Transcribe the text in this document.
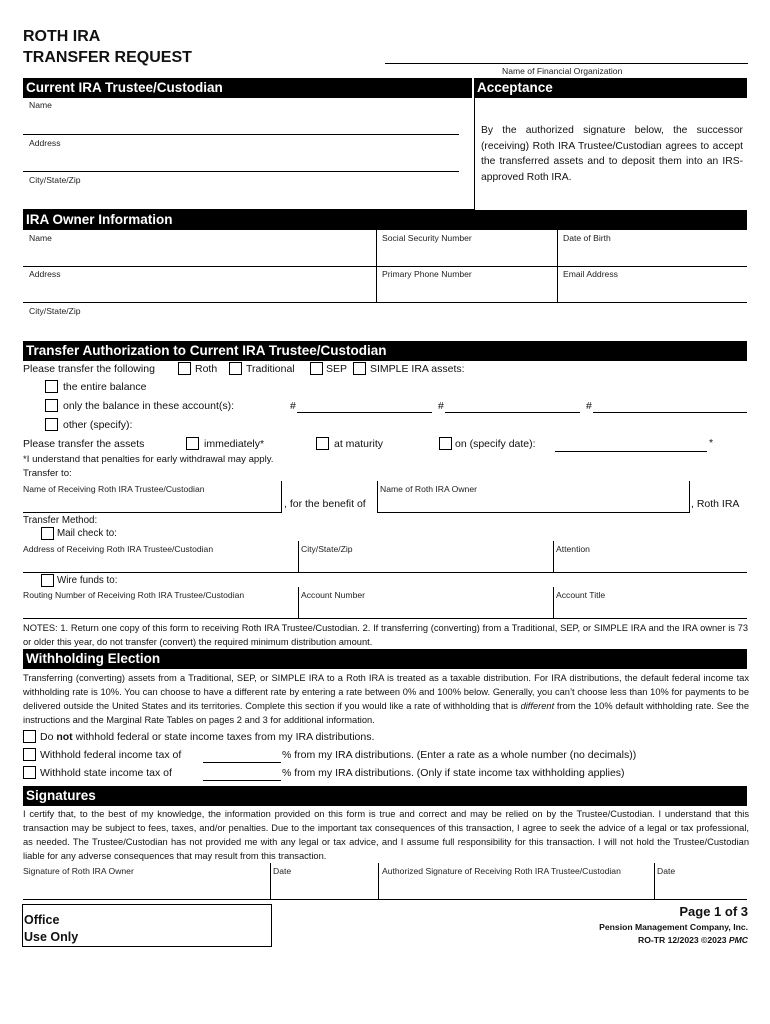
ROTH IRA
TRANSFER REQUEST
Name of Financial Organization
Current IRA Trustee/Custodian	Acceptance
Name
Address
City/State/Zip
By the authorized signature below, the successor (receiving) Roth IRA Trustee/Custodian agrees to accept the transferred assets and to deposit them into an IRS-approved Roth IRA.
IRA Owner Information
Name	Social Security Number	Date of Birth
Address	Primary Phone Number	Email Address
City/State/Zip
Transfer Authorization to Current IRA Trustee/Custodian
Please transfer the following	Roth	Traditional	SEP SIMPLE IRA assets:
the entire balance
only the balance in these account(s):	#	#	#
other (specify):
Please transfer the assets	immediately*	at maturity	on (specify date):	*
*I understand that penalties for early withdrawal may apply.
Transfer to:
Name of Receiving Roth IRA Trustee/Custodian
, for the benefit of
Name of Roth IRA Owner
, Roth IRA
Transfer Method:
Mail check to:
Address of Receiving Roth IRA Trustee/Custodian	City/State/Zip	Attention
Wire funds to:
Routing Number of Receiving Roth IRA Trustee/Custodian	Account Number	Account Title
NOTES: 1. Return one copy of this form to receiving Roth IRA Trustee/Custodian. 2. If transferring (converting) from a Traditional, SEP, or SIMPLE IRA and the IRA owner is 73 or older this year, do not transfer (convert) the required minimum distribution amount.
Withholding Election
Transferring (converting) assets from a Traditional, SEP, or SIMPLE IRA to a Roth IRA is treated as a taxable distribution. For IRA distributions, the default federal income tax withholding rate is 10%. You can choose to have a different rate by entering a rate between 0% and 100% below. Generally, you can’t choose less than 10% for payments to be delivered outside the United States and its territories. Complete this section if you would like a rate of withholding that is different from the 10% default withholding rate. See the instructions and the Marginal Rate Tables on pages 2 and 3 for additional information.
Do not withhold federal or state income taxes from my IRA distributions.
Withhold federal income tax of	% from my IRA distributions. (Enter a rate as a whole number (no decimals))
Withhold state income tax of	% from my IRA distributions. (Only if state income tax withholding applies)
Signatures
I certify that, to the best of my knowledge, the information provided on this form is true and correct and may be relied on by the Trustee/Custodian. I understand that this transaction may be subject to fees, taxes, and/or penalties. Due to the important tax consequences of this transaction, I agree to seek the advice of a legal or tax professional, as needed. The Trustee/Custodian has not provided me with any legal or tax advice, and I assume full responsibility for this transaction. I will not hold the Trustee/Custodian liable for any adverse consequences that may result from this transaction.
Signature of Roth IRA Owner	Date	Authorized Signature of Receiving Roth IRA Trustee/Custodian	Date
Office
Use Only
Page 1 of 3
Pension Management Company, Inc.
RO-TR 12/2023 ©2023 PMC
